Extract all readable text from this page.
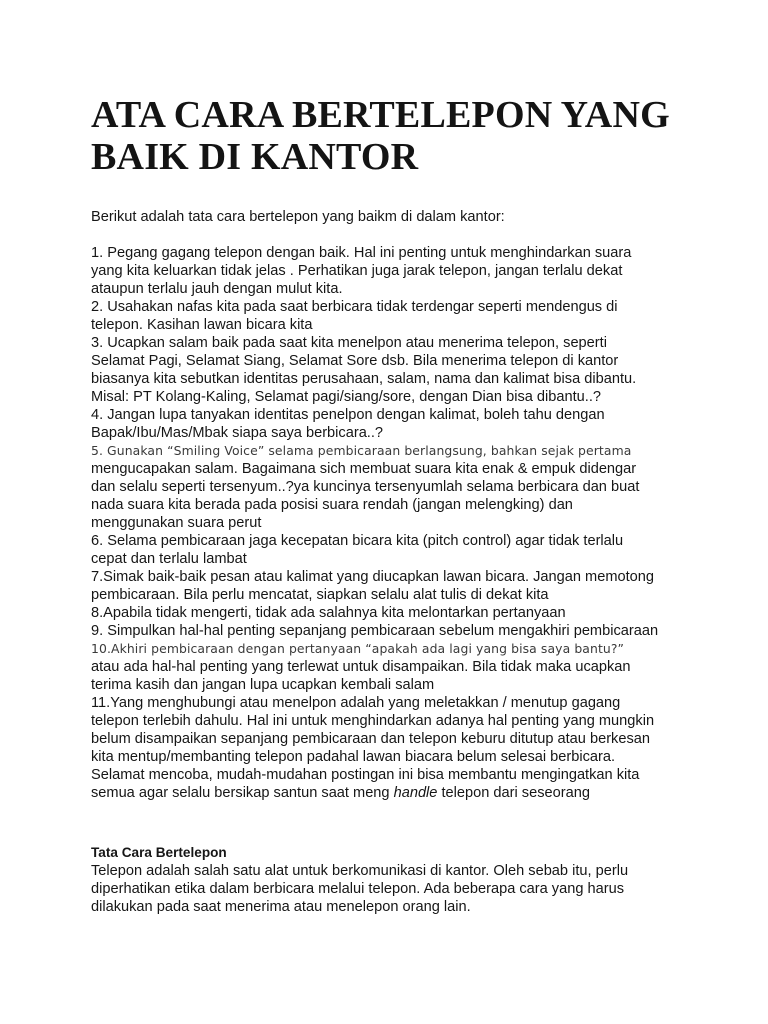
ATA CARA BERTELEPON YANG
BAIK DI KANTOR
Berikut adalah tata cara bertelepon yang baikm di dalam kantor:
1. Pegang gagang telepon dengan baik. Hal ini penting untuk menghindarkan suara
yang kita keluarkan tidak jelas . Perhatikan juga jarak telepon, jangan terlalu dekat
ataupun terlalu jauh dengan mulut kita.
2. Usahakan nafas kita pada saat berbicara tidak terdengar seperti mendengus di
telepon. Kasihan lawan bicara kita
3. Ucapkan salam baik pada saat kita menelpon atau menerima telepon, seperti
Selamat Pagi, Selamat Siang, Selamat Sore dsb. Bila menerima telepon di kantor
biasanya kita sebutkan identitas perusahaan, salam, nama dan kalimat bisa dibantu.
Misal: PT Kolang-Kaling, Selamat pagi/siang/sore, dengan Dian bisa dibantu..?
4. Jangan lupa tanyakan identitas penelpon dengan kalimat, boleh tahu dengan
Bapak/Ibu/Mas/Mbak siapa saya berbicara..?
5. Gunakan “Smiling Voice” selama pembicaraan berlangsung, bahkan sejak pertama
mengucapakan salam. Bagaimana sich membuat suara kita enak & empuk didengar
dan selalu seperti tersenyum..?ya kuncinya tersenyumlah selama berbicara dan buat
nada suara kita berada pada posisi suara rendah (jangan melengking) dan
menggunakan suara perut
6. Selama pembicaraan jaga kecepatan bicara kita (pitch control) agar tidak terlalu
cepat dan terlalu lambat
7.Simak baik-baik pesan atau kalimat yang diucapkan lawan bicara. Jangan memotong
pembicaraan. Bila perlu mencatat, siapkan selalu alat tulis di dekat kita
8.Apabila tidak mengerti, tidak ada salahnya kita melontarkan pertanyaan
9. Simpulkan hal-hal penting sepanjang pembicaraan sebelum mengakhiri pembicaraan
10.Akhiri pembicaraan dengan pertanyaan “apakah ada lagi yang bisa saya bantu?”
atau ada hal-hal penting yang terlewat untuk disampaikan. Bila tidak maka ucapkan
terima kasih dan jangan lupa ucapkan kembali salam
11.Yang menghubungi atau menelpon adalah yang meletakkan / menutup gagang
telepon terlebih dahulu. Hal ini untuk menghindarkan adanya hal penting yang mungkin
belum disampaikan sepanjang pembicaraan dan telepon keburu ditutup atau berkesan
kita mentup/membanting telepon padahal lawan biacara belum selesai berbicara.
Selamat mencoba, mudah-mudahan postingan ini bisa membantu mengingatkan kita
semua agar selalu bersikap santun saat meng handle telepon dari seseorang
Tata Cara Bertelepon
Telepon adalah salah satu alat untuk berkomunikasi di kantor. Oleh sebab itu, perlu
diperhatikan etika dalam berbicara melalui telepon. Ada beberapa cara yang harus
dilakukan pada saat menerima atau menelepon orang lain.
